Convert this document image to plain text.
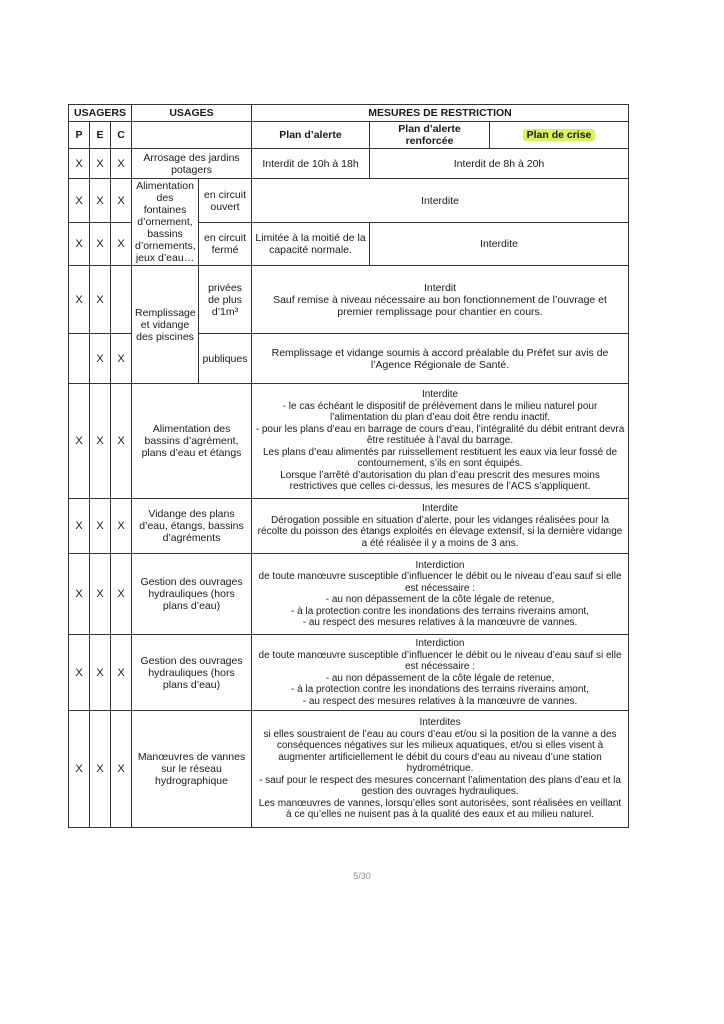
USAGERS			USAGES		MESURES DE RESTRICTION		
P	E	C			Plan d’alerte	Plan d’alerte renforcée	Plan de crise
X	X	X	Arrosage des jardins potagers		Interdit de 10h à 18h	Interdit de 8h à 20h	
X	X	X	Alimentation des fontaines d’ornement, bassins d’ornements, jeux d’eau…	en circuit ouvert	Interdite		
X	X	X		en circuit fermé	Limitée à la moitié de la capacité normale.	Interdite	
X	X		Remplissage et vidange des piscines	privées de plus d’1m³	Interdit
Sauf remise à niveau nécessaire au bon fonctionnement de l’ouvrage et premier remplissage pour chantier en cours.		

	X	X		publiques	Remplissage et vidange soumis à accord préalable du Préfet sur avis de l’Agence Régionale de Santé.		
X	X	X	Alimentation des bassins d’agrément, plans d’eau et étangs		Interdite
- le cas échéant le dispositif de prélèvement dans le milieu naturel pour l’alimentation du plan d’eau doit être rendu inactif.
- pour les plans d’eau en barrage de cours d’eau, l’intégralité du débit entrant devra être restituée à l’aval du barrage.
Les plans d’eau alimentés par ruissellement restituent les eaux via leur fossé de contournement, s’ils en sont équipés.
Lorsque l’arrêté d’autorisation du plan d’eau prescrit des mesures moins restrictives que celles ci-dessus, les mesures de l’ACS s’appliquent.		

X	X	X	Vidange des plans d’eau, étangs, bassins d’agréments		Interdite
Dérogation possible en situation d’alerte, pour les vidanges réalisées pour la récolte du poisson des étangs exploités en élevage extensif, si la dernière vidange a été réalisée il y a moins de 3 ans.		

X	X	X	Gestion des ouvrages hydrauliques (hors plans d’eau)		Interdiction
de toute manœuvre susceptible d’influencer le débit ou le niveau d’eau sauf si elle est nécessaire :
- au non dépassement de la côte légale de retenue,
- à la protection contre les inondations des terrains riverains amont,
- au respect des mesures relatives à la manœuvre de vannes.		

X	X	X	Gestion des ouvrages hydrauliques (hors plans d’eau)		Interdiction
de toute manœuvre susceptible d’influencer le débit ou le niveau d’eau sauf si elle est nécessaire :
- au non dépassement de la côte légale de retenue,
- à la protection contre les inondations des terrains riverains amont,
- au respect des mesures relatives à la manœuvre de vannes.		

X	X	X	Manœuvres de vannes sur le réseau hydrographique		Interdites
si elles soustraient de l’eau au cours d’eau et/ou si la position de la vanne a des conséquences négatives sur les milieux aquatiques, et/ou si elles visent à augmenter artificiellement le débit du cours d’eau au niveau d’une station hydrométrique.
- sauf pour le respect des mesures concernant l’alimentation des plans d’eau et la gestion des ouvrages hydrauliques.
Les manœuvres de vannes, lorsqu’elles sont autorisées, sont réalisées en veillant à ce qu’elles ne nuisent pas à la qualité des eaux et au milieu naturel.		
5/30
